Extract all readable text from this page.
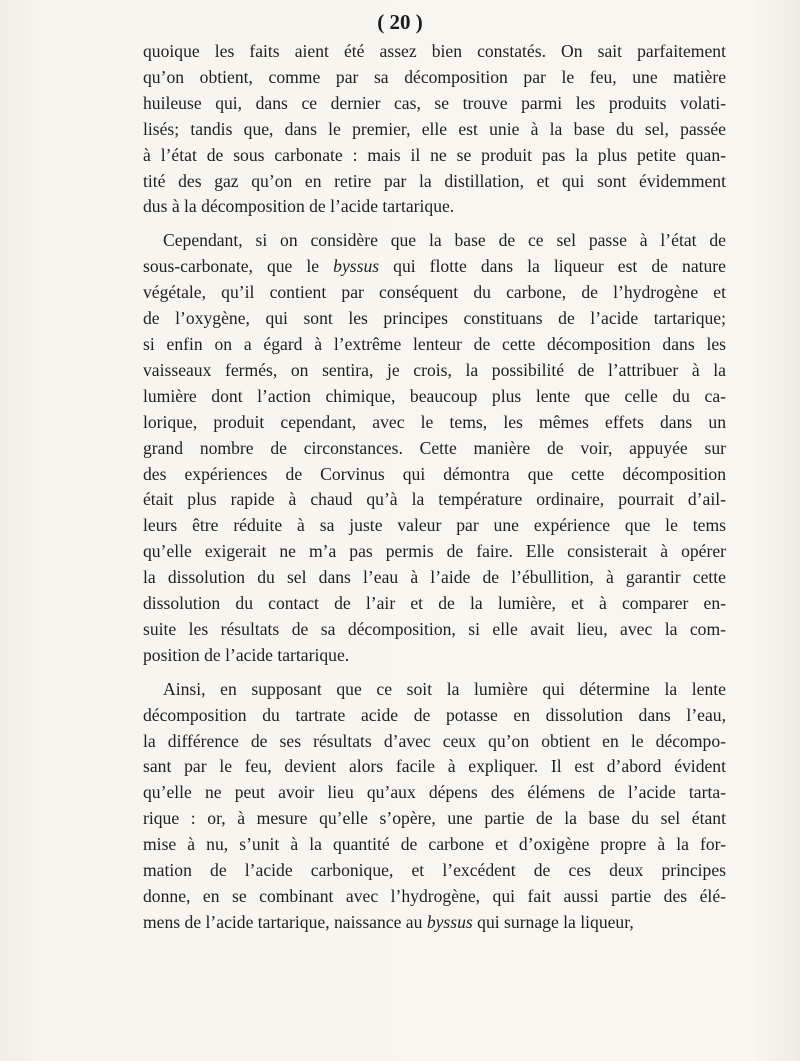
( 20 )
quoique les faits aient été assez bien constatés. On sait parfaitement
qu’on obtient, comme par sa décomposition par le feu, une matière
huileuse qui, dans ce dernier cas, se trouve parmi les produits volati-
lisés; tandis que, dans le premier, elle est unie à la base du sel, passée
à l’état de sous carbonate : mais il ne se produit pas la plus petite quan-
tité des gaz qu’on en retire par la distillation, et qui sont évidemment
dus à la décomposition de l’acide tartarique.
Cependant, si on considère que la base de ce sel passe à l’état de
sous-carbonate, que le byssus qui flotte dans la liqueur est de nature
végétale, qu’il contient par conséquent du carbone, de l’hydrogène et
de l’oxygène, qui sont les principes constituans de l’acide tartarique;
si enfin on a égard à l’extrême lenteur de cette décomposition dans les
vaisseaux fermés, on sentira, je crois, la possibilité de l’attribuer à la
lumière dont l’action chimique, beaucoup plus lente que celle du ca-
lorique, produit cependant, avec le tems, les mêmes effets dans un
grand nombre de circonstances. Cette manière de voir, appuyée sur
des expériences de Corvinus qui démontra que cette décomposition
était plus rapide à chaud qu’à la température ordinaire, pourrait d’ail-
leurs être réduite à sa juste valeur par une expérience que le tems
qu’elle exigerait ne m’a pas permis de faire. Elle consisterait à opérer
la dissolution du sel dans l’eau à l’aide de l’ébullition, à garantir cette
dissolution du contact de l’air et de la lumière, et à comparer en-
suite les résultats de sa décomposition, si elle avait lieu, avec la com-
position de l’acide tartarique.
Ainsi, en supposant que ce soit la lumière qui détermine la lente
décomposition du tartrate acide de potasse en dissolution dans l’eau,
la différence de ses résultats d’avec ceux qu’on obtient en le décompo-
sant par le feu, devient alors facile à expliquer. Il est d’abord évident
qu’elle ne peut avoir lieu qu’aux dépens des élémens de l’acide tarta-
rique : or, à mesure qu’elle s’opère, une partie de la base du sel étant
mise à nu, s’unit à la quantité de carbone et d’oxigène propre à la for-
mation de l’acide carbonique, et l’excédent de ces deux principes
donne, en se combinant avec l’hydrogène, qui fait aussi partie des élé-
mens de l’acide tartarique, naissance au byssus qui surnage la liqueur,
